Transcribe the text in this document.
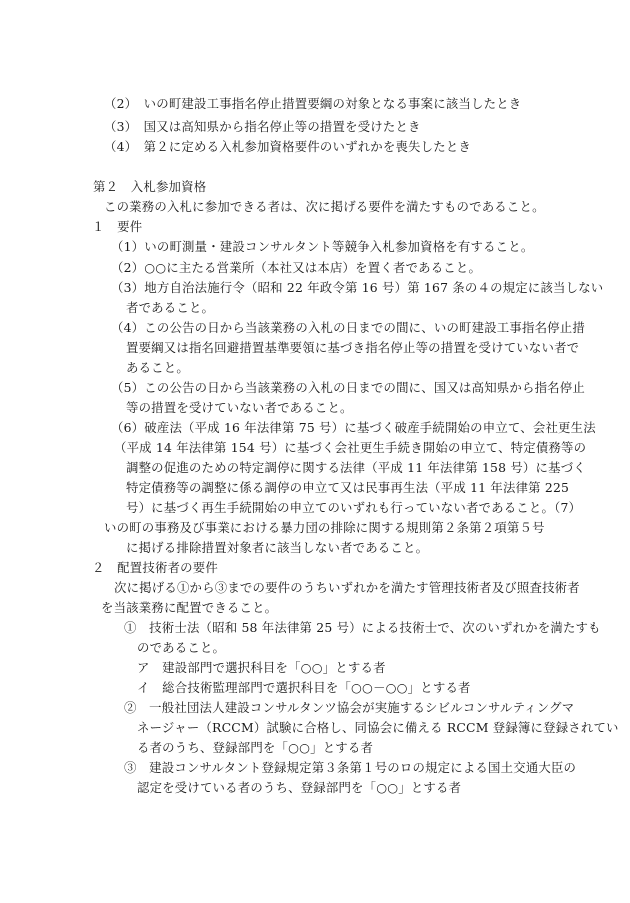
（2）　いの町建設工事指名停止措置要綱の対象となる事案に該当したとき
（3）　国又は高知県から指名停止等の措置を受けたとき
（4）　第２に定める入札参加資格要件のいずれかを喪失したとき
第２　入札参加資格
この業務の入札に参加できる者は、次に掲げる要件を満たすものであること。
１　要件
（1）いの町測量・建設コンサルタント等競争入札参加資格を有すること。
（2）○○に主たる営業所（本社又は本店）を置く者であること。
（3）地方自治法施行令（昭和 22 年政令第 16 号）第 167 条の４の規定に該当しない
者であること。
（4）この公告の日から当該業務の入札の日までの間に、いの町建設工事指名停止措
置要綱又は指名回避措置基準要領に基づき指名停止等の措置を受けていない者で
あること。
（5）この公告の日から当該業務の入札の日までの間に、国又は高知県から指名停止
等の措置を受けていない者であること。
（6）破産法（平成 16 年法律第 75 号）に基づく破産手続開始の申立て、会社更生法
（平成 14 年法律第 154 号）に基づく会社更生手続き開始の申立て、特定債務等の
調整の促進のための特定調停に関する法律（平成 11 年法律第 158 号）に基づく
特定債務等の調整に係る調停の申立て又は民事再生法（平成 11 年法律第 225
号）に基づく再生手続開始の申立てのいずれも行っていない者であること。（7）
いの町の事務及び事業における暴力団の排除に関する規則第２条第２項第５号
に掲げる排除措置対象者に該当しない者であること。
２　配置技術者の要件
次に掲げる①から③までの要件のうちいずれかを満たす管理技術者及び照査技術者
を当該業務に配置できること。
①　技術士法（昭和 58 年法律第 25 号）による技術士で、次のいずれかを満たすも
のであること。
ア　建設部門で選択科目を「○○」とする者
イ　総合技術監理部門で選択科目を「○○－○○」とする者
②　一般社団法人建設コンサルタンツ協会が実施するシビルコンサルティングマ
ネージャー（RCCM）試験に合格し、同協会に備える RCCM 登録簿に登録されてい
る者のうち、登録部門を「○○」とする者
③　建設コンサルタント登録規定第３条第１号のロの規定による国土交通大臣の
認定を受けている者のうち、登録部門を「○○」とする者
